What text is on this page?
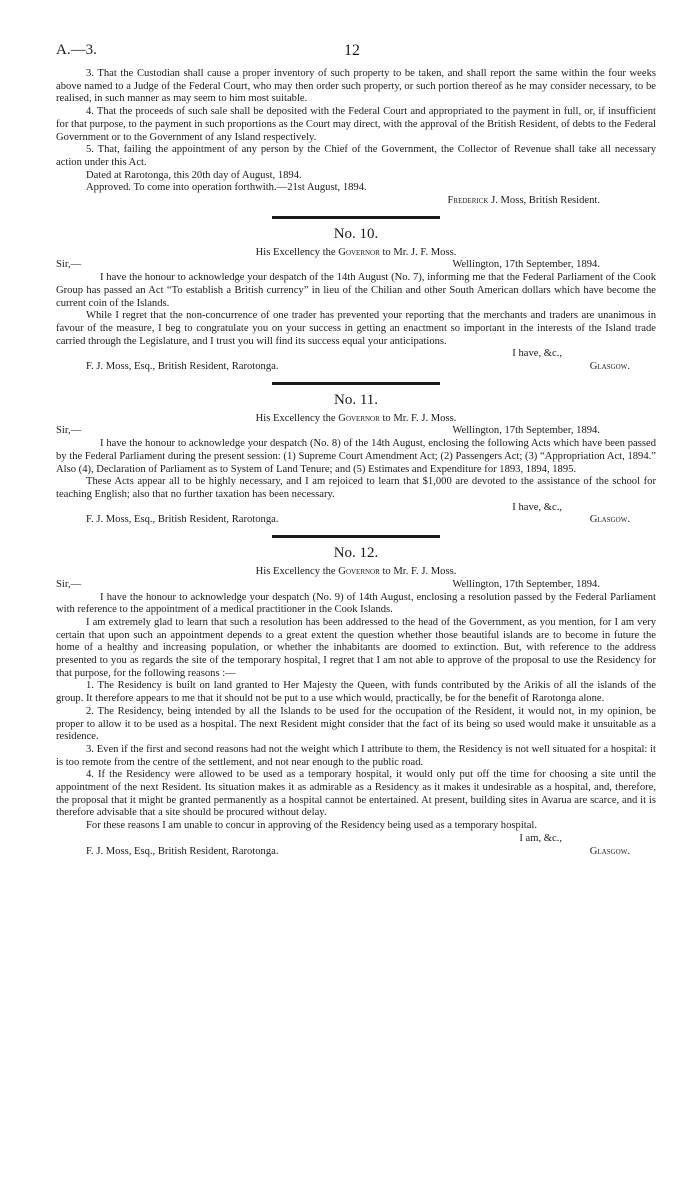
A.—3.	12

3. That the Custodian shall cause a proper inventory of such property to be taken, and shall report the same within the four weeks above named to a Judge of the Federal Court, who may then order such property, or such portion thereof as he may consider necessary, to be realised, in such manner as may seem to him most suitable.

4. That the proceeds of such sale shall be deposited with the Federal Court and appropriated to the payment in full, or, if insufficient for that purpose, to the payment in such proportions as the Court may direct, with the approval of the British Resident, of debts to the Federal Government or to the Government of any Island respectively.

5. That, failing the appointment of any person by the Chief of the Government, the Collector of Revenue shall take all necessary action under this Act.

Dated at Rarotonga, this 20th day of August, 1894.

Approved. To come into operation forthwith.—21st August, 1894.

Frederick J. Moss, British Resident.

No. 10.

His Excellency the Governor to Mr. J. F. Moss.

Sir,—	Wellington, 17th September, 1894.

I have the honour to acknowledge your despatch of the 14th August (No. 7), informing me that the Federal Parliament of the Cook Group has passed an Act “To establish a British currency” in lieu of the Chilian and other South American dollars which have become the current coin of the Islands.

While I regret that the non-concurrence of one trader has prevented your reporting that the merchants and traders are unanimous in favour of the measure, I beg to congratulate you on your success in getting an enactment so important in the interests of the Island trade carried through the Legislature, and I trust you will find its success equal your anticipations.

I have, &c.,

F. J. Moss, Esq., British Resident, Rarotonga.	Glasgow.
No. 11.

His Excellency the Governor to Mr. F. J. Moss.

Sir,—	Wellington, 17th September, 1894.

I have the honour to acknowledge your despatch (No. 8) of the 14th August, enclosing the following Acts which have been passed by the Federal Parliament during the present session: (1) Supreme Court Amendment Act; (2) Passengers Act; (3) “Appropriation Act, 1894.” Also (4), Declaration of Parliament as to System of Land Tenure; and (5) Estimates and Expenditure for 1893, 1894, 1895.

These Acts appear all to be highly necessary, and I am rejoiced to learn that $1,000 are devoted to the assistance of the school for teaching English; also that no further taxation has been necessary.

I have, &c.,

F. J. Moss, Esq., British Resident, Rarotonga.	Glasgow.
No. 12.

His Excellency the Governor to Mr. F. J. Moss.

Sir,—	Wellington, 17th September, 1894.

I have the honour to acknowledge your despatch (No. 9) of 14th August, enclosing a resolution passed by the Federal Parliament with reference to the appointment of a medical practitioner in the Cook Islands.

I am extremely glad to learn that such a resolution has been addressed to the head of the Government, as you mention, for I am very certain that upon such an appointment depends to a great extent the question whether those beautiful islands are to become in future the home of a healthy and increasing population, or whether the inhabitants are doomed to extinction. But, with reference to the address presented to you as regards the site of the temporary hospital, I regret that I am not able to approve of the proposal to use the Residency for that purpose, for the following reasons :—

1. The Residency is built on land granted to Her Majesty the Queen, with funds contributed by the Arikis of all the islands of the group. It therefore appears to me that it should not be put to a use which would, practically, be for the benefit of Rarotonga alone.

2. The Residency, being intended by all the Islands to be used for the occupation of the Resident, it would not, in my opinion, be proper to allow it to be used as a hospital. The next Resident might consider that the fact of its being so used would make it unsuitable as a residence.

3. Even if the first and second reasons had not the weight which I attribute to them, the Residency is not well situated for a hospital: it is too remote from the centre of the settlement, and not near enough to the public road.

4. If the Residency were allowed to be used as a temporary hospital, it would only put off the time for choosing a site until the appointment of the next Resident. Its situation makes it as admirable as a Residency as it makes it undesirable as a hospital, and, therefore, the proposal that it might be granted permanently as a hospital cannot be entertained. At present, building sites in Avarua are scarce, and it is therefore advisable that a site should be procured without delay.

For these reasons I am unable to concur in approving of the Residency being used as a temporary hospital.

I am, &c.,

F. J. Moss, Esq., British Resident, Rarotonga.	Glasgow.
